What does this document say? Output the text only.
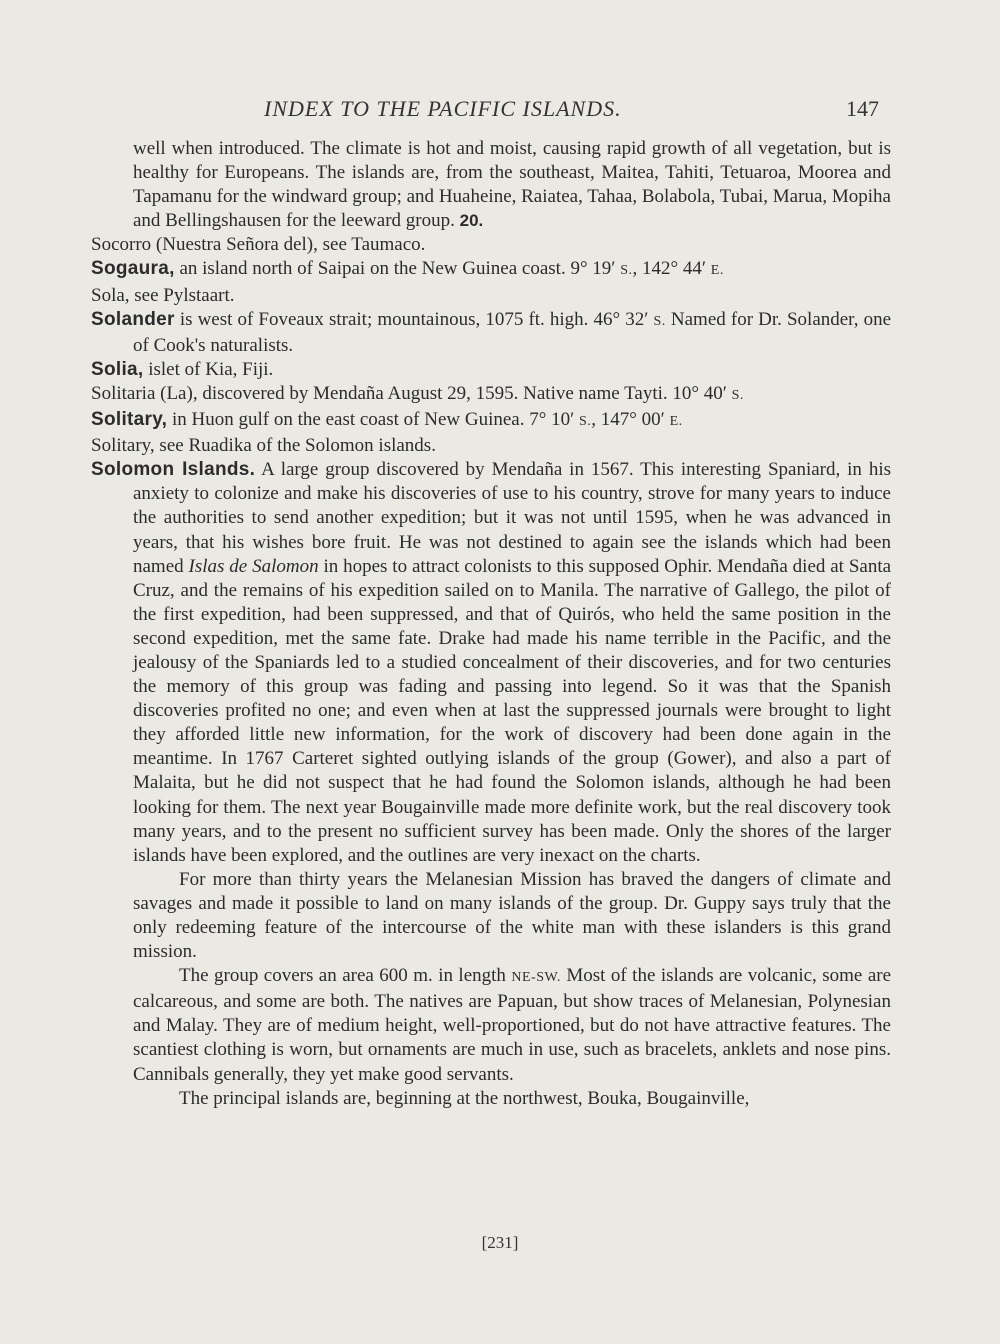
INDEX TO THE PACIFIC ISLANDS.	147

well when introduced. The climate is hot and moist, causing rapid growth of all vegetation, but is healthy for Europeans. The islands are, from the southeast, Maitea, Tahiti, Tetuaroa, Moorea and Tapamanu for the windward group; and Huaheine, Raiatea, Tahaa, Bolabola, Tubai, Marua, Mopiha and Bellingshausen for the leeward group. 20.

Socorro (Nuestra Señora del), see Taumaco.

Sogaura, an island north of Saipai on the New Guinea coast. 9° 19′ S., 142° 44′ E.

Sola, see Pylstaart.

Solander is west of Foveaux strait; mountainous, 1075 ft. high. 46° 32′ S. Named for Dr. Solander, one of Cook's naturalists.

Solia, islet of Kia, Fiji.

Solitaria (La), discovered by Mendaña August 29, 1595. Native name Tayti. 10° 40′ S.

Solitary, in Huon gulf on the east coast of New Guinea. 7° 10′ S., 147° 00′ E.

Solitary, see Ruadika of the Solomon islands.

Solomon Islands. A large group discovered by Mendaña in 1567. This interesting Spaniard, in his anxiety to colonize and make his discoveries of use to his country, strove for many years to induce the authorities to send another expedition; but it was not until 1595, when he was advanced in years, that his wishes bore fruit. He was not destined to again see the islands which had been named Islas de Salomon in hopes to attract colonists to this supposed Ophir. Mendaña died at Santa Cruz, and the remains of his expedition sailed on to Manila. The narrative of Gallego, the pilot of the first expedition, had been suppressed, and that of Quirós, who held the same position in the second expedition, met the same fate. Drake had made his name terrible in the Pacific, and the jealousy of the Spaniards led to a studied concealment of their discoveries, and for two centuries the memory of this group was fading and passing into legend. So it was that the Spanish discoveries profited no one; and even when at last the suppressed journals were brought to light they afforded little new information, for the work of discovery had been done again in the meantime. In 1767 Carteret sighted outlying islands of the group (Gower), and also a part of Malaita, but he did not suspect that he had found the Solomon islands, although he had been looking for them. The next year Bougainville made more definite work, but the real discovery took many years, and to the present no sufficient survey has been made. Only the shores of the larger islands have been explored, and the outlines are very inexact on the charts.

For more than thirty years the Melanesian Mission has braved the dangers of climate and savages and made it possible to land on many islands of the group. Dr. Guppy says truly that the only redeeming feature of the intercourse of the white man with these islanders is this grand mission.

The group covers an area 600 m. in length NE-SW. Most of the islands are volcanic, some are calcareous, and some are both. The natives are Papuan, but show traces of Melanesian, Polynesian and Malay. They are of medium height, well-proportioned, but do not have attractive features. The scantiest clothing is worn, but ornaments are much in use, such as bracelets, anklets and nose pins. Cannibals generally, they yet make good servants.

The principal islands are, beginning at the northwest, Bouka, Bougainville,

[231]
